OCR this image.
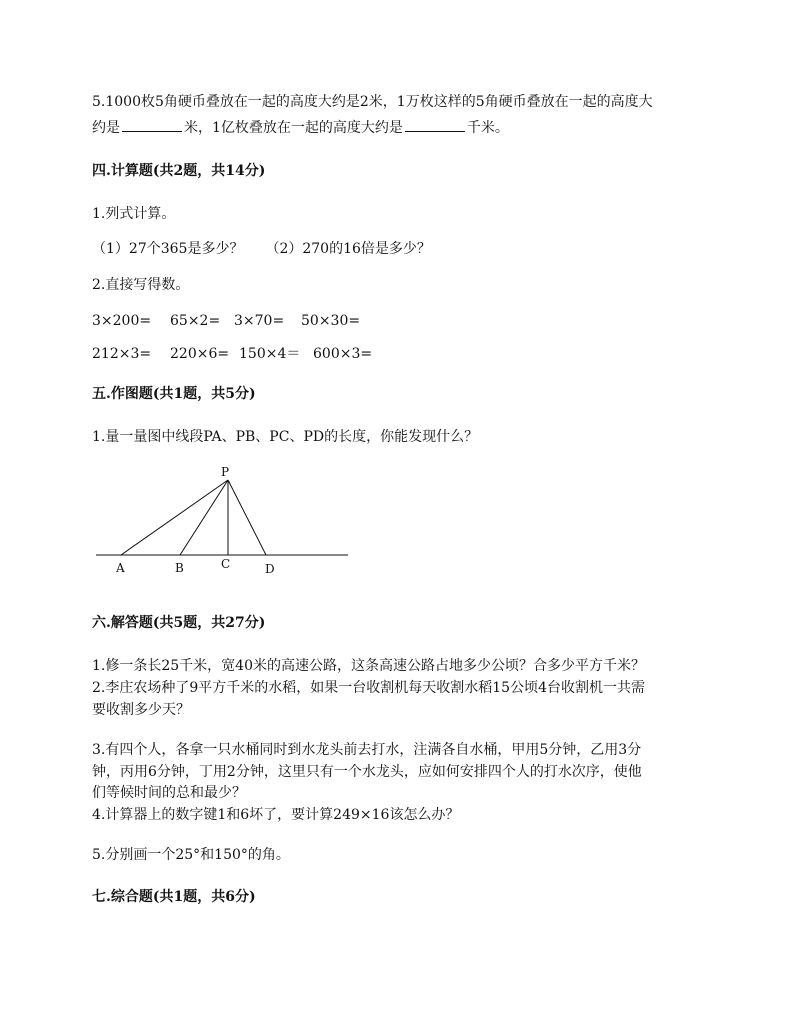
5.1000枚5角硬币叠放在一起的高度大约是2米，1万枚这样的5角硬币叠放在一起的高度大
约是	米，1亿枚叠放在一起的高度大约是	千米。
四.计算题(共2题，共14分)
1.列式计算。
（1）27个365是多少？ （2）270的16倍是多少？
2.直接写得数。
3×200= 65×2= 3×70= 50×30=
212×3= 220×6= 150×4＝ 600×3=
五.作图题(共1题，共5分)
1.量一量图中线段PA、PB、PC、PD的长度，你能发现什么？
P
A	B	C	D
六.解答题(共5题，共27分)
1.修一条长25千米，宽40米的高速公路，这条高速公路占地多少公顷？合多少平方千米？
2.李庄农场种了9平方千米的水稻，如果一台收割机每天收割水稻15公顷4台收割机一共需
要收割多少天？
3.有四个人，各拿一只水桶同时到水龙头前去打水，注满各自水桶，甲用5分钟，乙用3分
钟，丙用6分钟，丁用2分钟，这里只有一个水龙头，应如何安排四个人的打水次序，使他
们等候时间的总和最少？
4.计算器上的数字键1和6坏了，要计算249×16该怎么办？
5.分别画一个25°和150°的角。
七.综合题(共1题，共6分)
